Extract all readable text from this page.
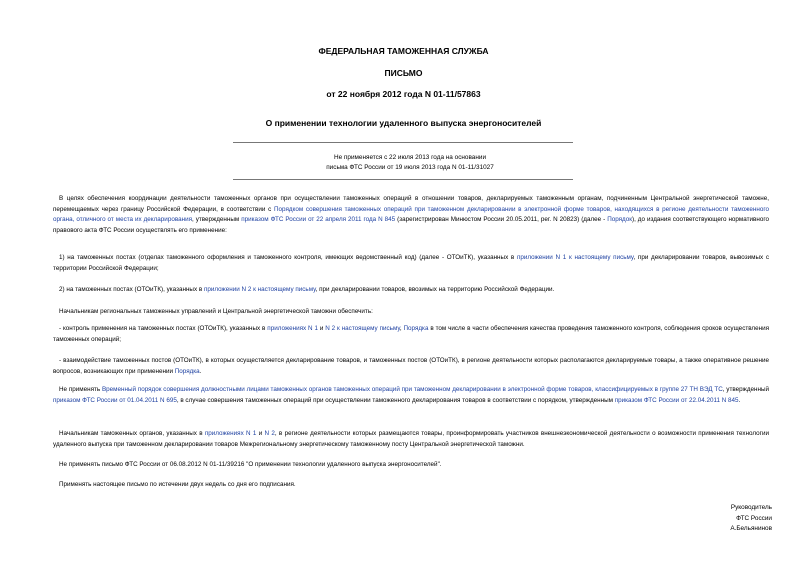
ФЕДЕРАЛЬНАЯ ТАМОЖЕННАЯ СЛУЖБА
ПИСЬМО
от 22 ноября 2012 года N 01-11/57863
О применении технологии удаленного выпуска энергоносителей
Не применяется с 22 июля 2013 года на основании
письма ФТС России от 19 июля 2013 года N 01-11/31027
В целях обеспечения координации деятельности таможенных органов при осуществлении таможенных операций в отношении товаров, декларируемых таможенным органам, подчиненным Центральной энергетической таможне, перемещаемых через границу Российской Федерации, в соответствии с Порядком совершения таможенных операций при таможенном декларировании в электронной форме товаров, находящихся в регионе деятельности таможенного органа, отличного от места их декларирования, утвержденным приказом ФТС России от 22 апреля 2011 года N 845 (зарегистрирован Минюстом России 20.05.2011, рег. N 20823) (далее - Порядок), до издания соответствующего нормативного правового акта ФТС России осуществлять его применение:
1) на таможенных постах (отделах таможенного оформления и таможенного контроля, имеющих ведомственный код) (далее - ОТОиТК), указанных в приложении N 1 к настоящему письму, при декларировании товаров, вывозимых с территории Российской Федерации;
2) на таможенных постах (ОТОиТК), указанных в приложении N 2 к настоящему письму, при декларировании товаров, ввозимых на территорию Российской Федерации.
Начальникам региональных таможенных управлений и Центральной энергетической таможни обеспечить:
- контроль применения на таможенных постах (ОТОиТК), указанных в приложениях N 1 и N 2 к настоящему письму, Порядка в том числе в части обеспечения качества проведения таможенного контроля, соблюдения сроков осуществления таможенных операций;
- взаимодействие таможенных постов (ОТОиТК), в которых осуществляется декларирование товаров, и таможенных постов (ОТОиТК), в регионе деятельности которых располагаются декларируемые товары, а также оперативное решение вопросов, возникающих при применении Порядка.
Не применять Временный порядок совершения должностными лицами таможенных органов таможенных операций при таможенном декларировании в электронной форме товаров, классифицируемых в группе 27 ТН ВЭД ТС, утвержденный приказом ФТС России от 01.04.2011 N 695, в случае совершения таможенных операций при осуществлении таможенного декларирования товаров в соответствии с порядком, утвержденным приказом ФТС России от 22.04.2011 N 845.
Начальникам таможенных органов, указанных в приложениях N 1 и N 2, в регионе деятельности которых размещаются товары, проинформировать участников внешнеэкономической деятельности о возможности применения технологии удаленного выпуска при таможенном декларировании товаров Межрегиональному энергетическому таможенному посту Центральной энергетической таможни.
Не применять письмо ФТС России от 06.08.2012 N 01-11/39216 "О применении технологии удаленного выпуска энергоносителей".
Применять настоящее письмо по истечении двух недель со дня его подписания.
Руководитель
ФТС России
А.Бельянинов
